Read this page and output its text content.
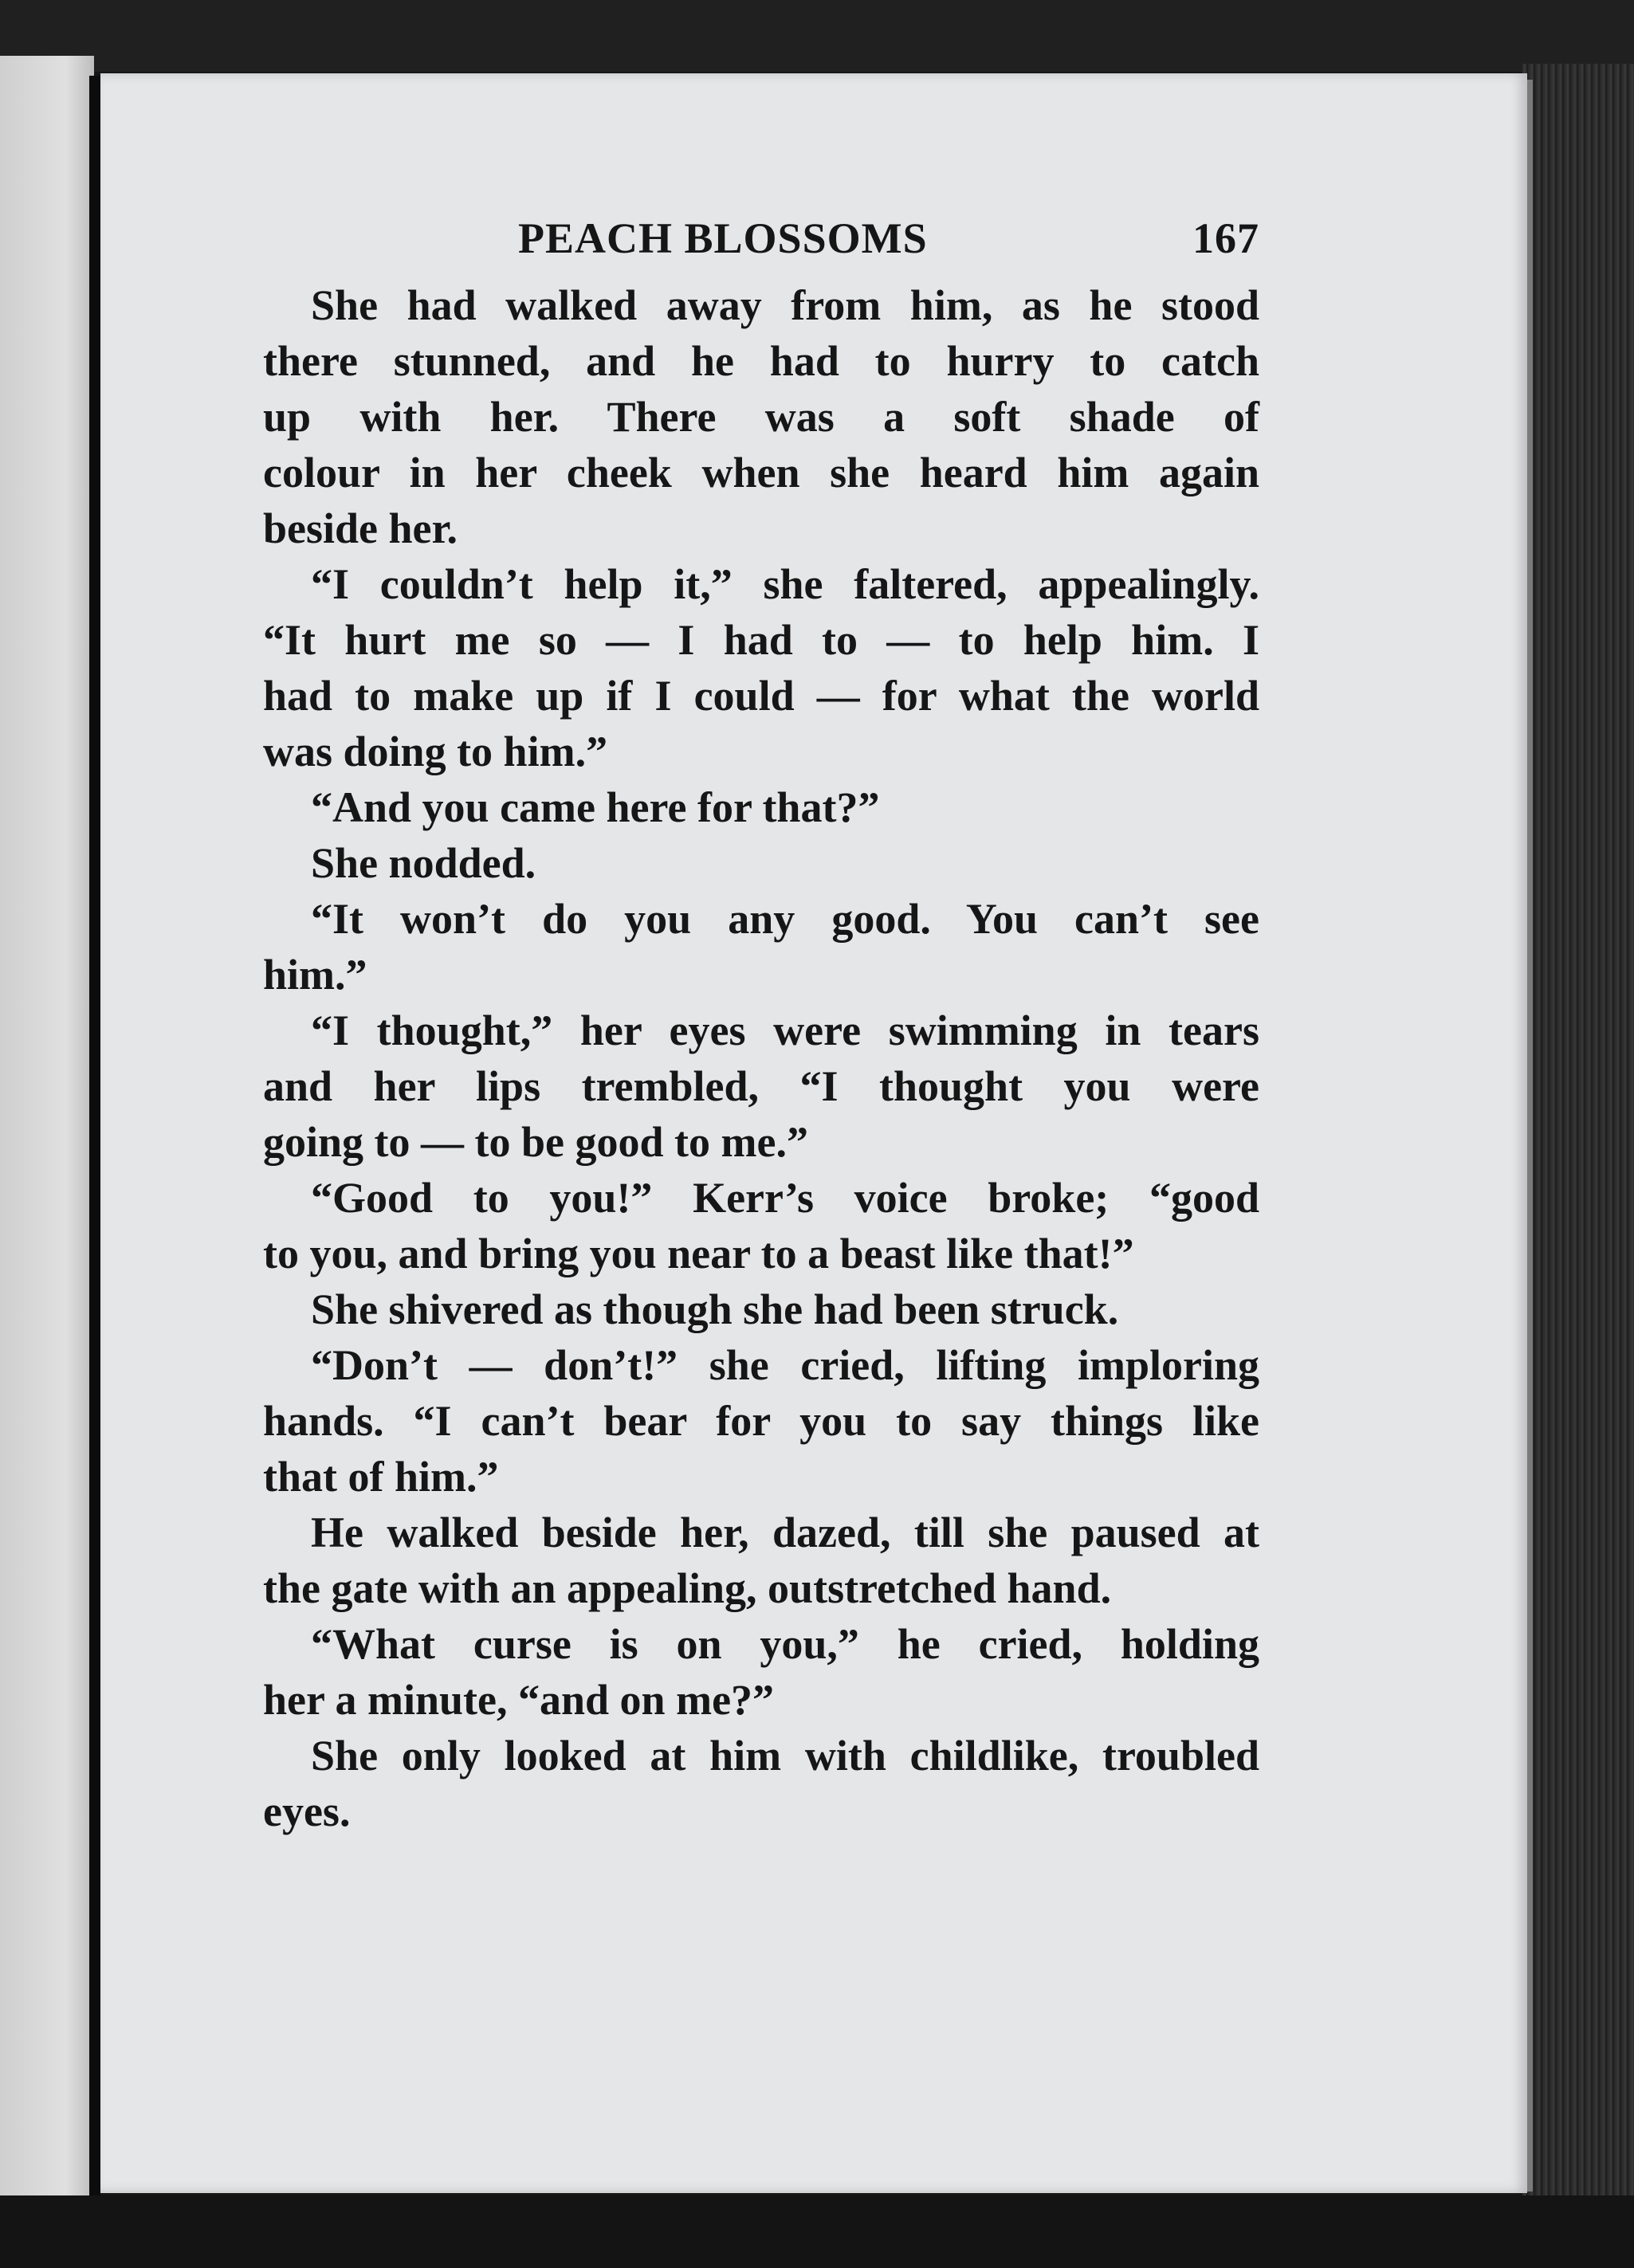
PEACH BLOSSOMS	167
She had walked away from him, as he stood
there stunned, and he had to hurry to catch
up with her. There was a soft shade of
colour in her cheek when she heard him again
beside her.
“I couldn’t help it,” she faltered, appealingly.
“It hurt me so — I had to — to help him. I
had to make up if I could — for what the world
was doing to him.”
“And you came here for that?”
She nodded.
“It won’t do you any good. You can’t see
him.”
“I thought,” her eyes were swimming in tears
and her lips trembled, “I thought you were
going to — to be good to me.”
“Good to you!” Kerr’s voice broke; “good
to you, and bring you near to a beast like that!”
She shivered as though she had been struck.
“Don’t — don’t!” she cried, lifting imploring
hands. “I can’t bear for you to say things like
that of him.”
He walked beside her, dazed, till she paused at
the gate with an appealing, outstretched hand.
“What curse is on you,” he cried, holding
her a minute, “and on me?”
She only looked at him with childlike, troubled
eyes.
